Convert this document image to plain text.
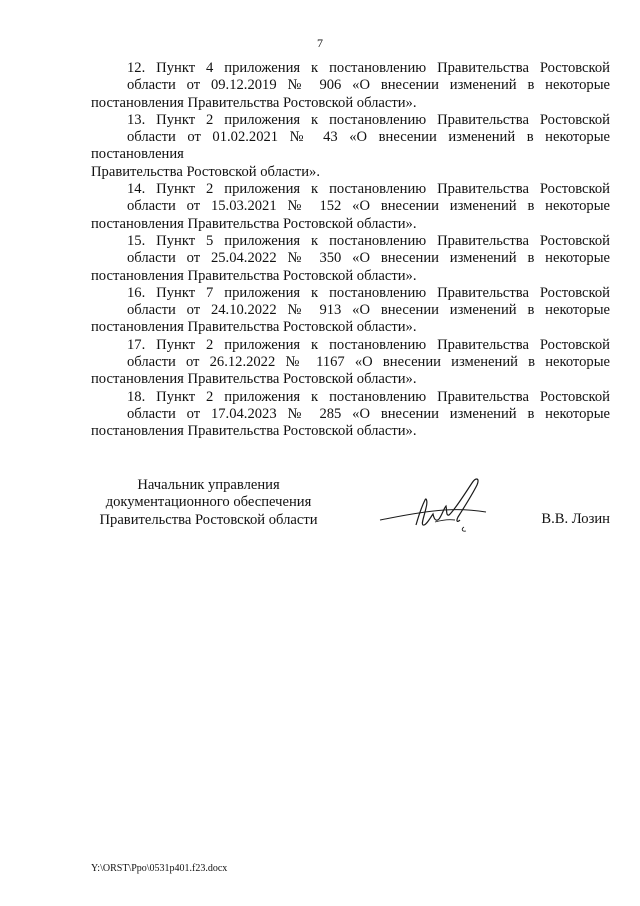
7

12. Пункт 4 приложения к постановлению Правительства Ростовской
области от 09.12.2019 № 906 «О внесении изменений в некоторые
постановления Правительства Ростовской области».

13. Пункт 2 приложения к постановлению Правительства Ростовской
области от 01.02.2021 № 43 «О внесении изменений в некоторые постановления
Правительства Ростовской области».

14. Пункт 2 приложения к постановлению Правительства Ростовской
области от 15.03.2021 № 152 «О внесении изменений в некоторые
постановления Правительства Ростовской области».

15. Пункт 5 приложения к постановлению Правительства Ростовской
области от 25.04.2022 № 350 «О внесении изменений в некоторые
постановления Правительства Ростовской области».

16. Пункт 7 приложения к постановлению Правительства Ростовской
области от 24.10.2022 № 913 «О внесении изменений в некоторые
постановления Правительства Ростовской области».

17. Пункт 2 приложения к постановлению Правительства Ростовской
области от 26.12.2022 № 1167 «О внесении изменений в некоторые
постановления Правительства Ростовской области».

18. Пункт 2 приложения к постановлению Правительства Ростовской
области от 17.04.2023 № 285 «О внесении изменений в некоторые
постановления Правительства Ростовской области».

Начальник управления
документационного обеспечения
Правительства Ростовской области	В.В. Лозин
Y:\ORST\Ppo\0531p401.f23.docx
